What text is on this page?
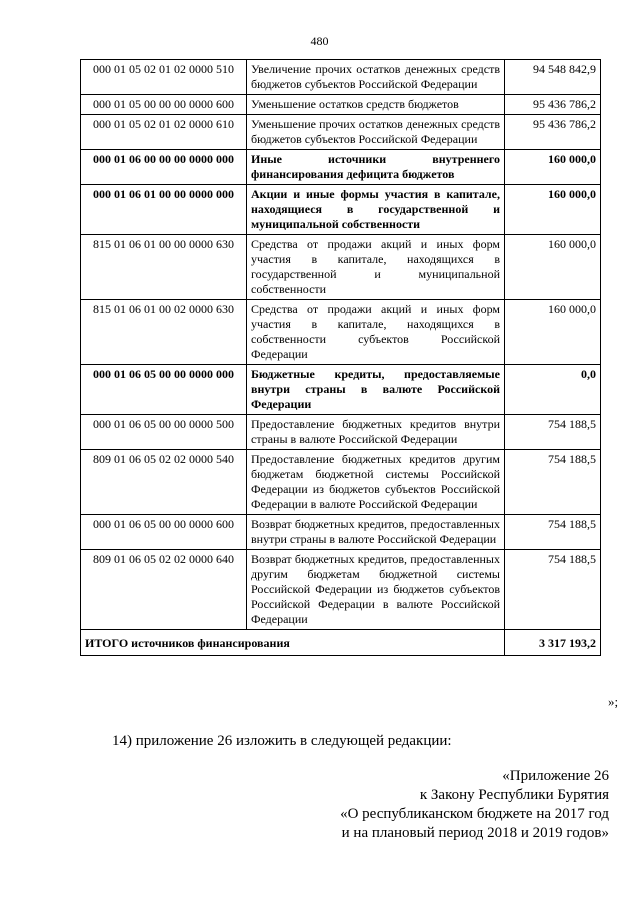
480
000 01 05 02 01 02 0000 510	Увеличение прочих остатков денежных средств бюджетов субъектов Российской Федерации	94 548 842,9
000 01 05 00 00 00 0000 600	Уменьшение остатков средств бюджетов	95 436 786,2
000 01 05 02 01 02 0000 610	Уменьшение прочих остатков денежных средств бюджетов субъектов Российской Федерации	95 436 786,2
000 01 06 00 00 00 0000 000	Иные источники внутреннего финансирования дефицита бюджетов	160 000,0
000 01 06 01 00 00 0000 000	Акции и иные формы участия в капитале, находящиеся в государственной и муниципальной собственности	160 000,0
815 01 06 01 00 00 0000 630	Средства от продажи акций и иных форм участия в капитале, находящихся в государственной и муниципальной собственности	160 000,0
815 01 06 01 00 02 0000 630	Средства от продажи акций и иных форм участия в капитале, находящихся в собственности субъектов Российской Федерации	160 000,0
000 01 06 05 00 00 0000 000	Бюджетные кредиты, предоставляемые внутри страны в валюте Российской Федерации	0,0
000 01 06 05 00 00 0000 500	Предоставление бюджетных кредитов внутри страны в валюте Российской Федерации	754 188,5
809 01 06 05 02 02 0000 540	Предоставление бюджетных кредитов другим бюджетам бюджетной системы Российской Федерации из бюджетов субъектов Российской Федерации в валюте Российской Федерации	754 188,5
000 01 06 05 00 00 0000 600	Возврат бюджетных кредитов, предоставленных внутри страны в валюте Российской Федерации	754 188,5
809 01 06 05 02 02 0000 640	Возврат бюджетных кредитов, предоставленных другим бюджетам бюджетной системы Российской Федерации из бюджетов субъектов Российской Федерации в валюте Российской Федерации	754 188,5
ИТОГО источников финансирования		3 317 193,2
»;
14) приложение 26 изложить в следующей редакции:
«Приложение 26
к Закону Республики Бурятия
«О республиканском бюджете на 2017 год
и на плановый период 2018 и 2019 годов»
